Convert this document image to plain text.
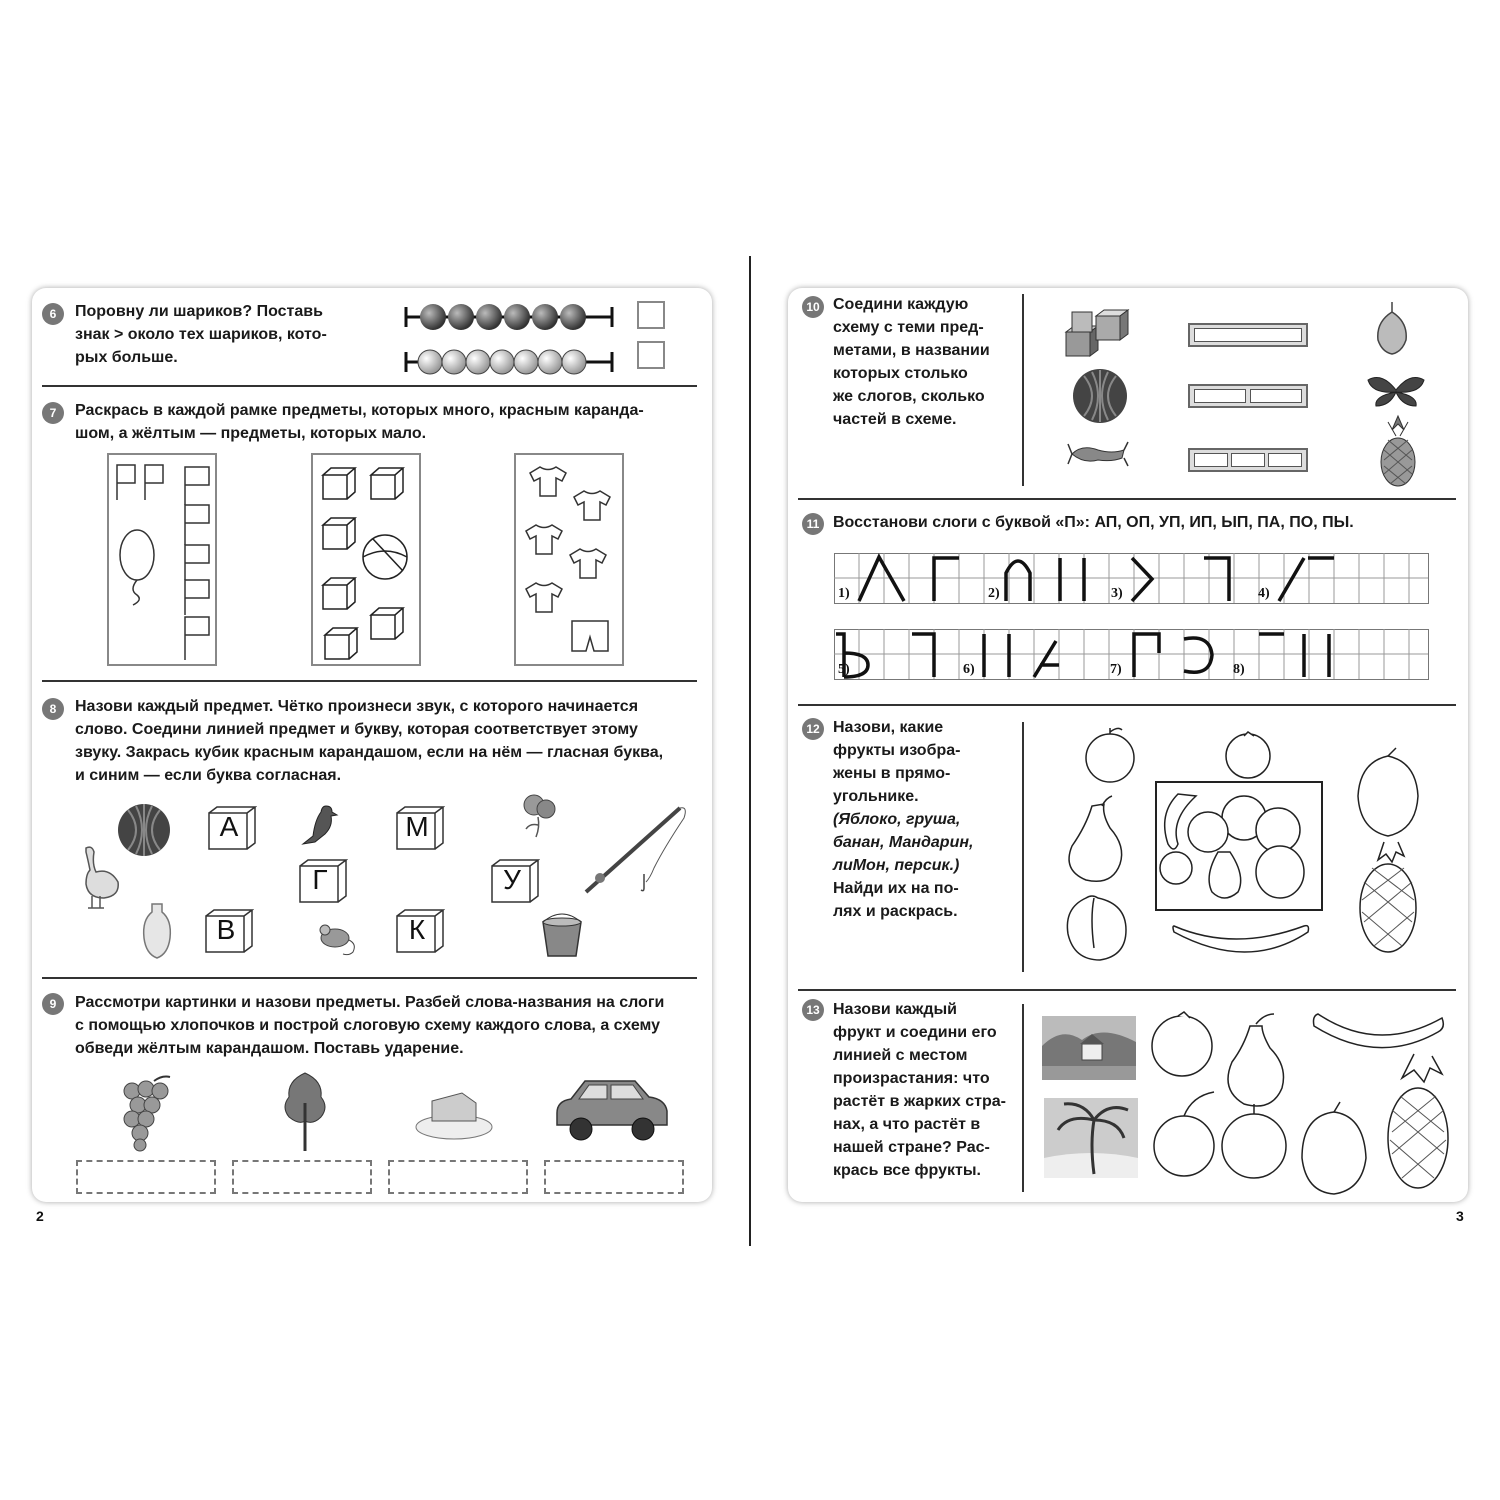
6	Поровну ли шариков? Поставь
знак > около тех шариков, кото-
рых больше.
7	Раскрась в каждой рамке предметы, которых много, красным каранда-
шом, а жёлтым — предметы, которых мало.
8	Назови каждый предмет. Чётко произнеси звук, с которого начинается
слово. Соедини линией предмет и букву, которая соответствует этому
звуку. Закрась кубик красным карандашом, если на нём — гласная буква,
и синим — если буква согласная.
А	М
Г	У
В	К
9	Рассмотри картинки и назови предметы. Разбей слова-названия на слоги
с помощью хлопочков и построй слоговую схему каждого слова, а схему
обведи жёлтым карандашом. Поставь ударение.
2
10 Соедини каждую
схему с теми пред-
метами, в названии
которых столько
же слогов, сколько
частей в схеме.
11 Восстанови слоги с буквой «П»: АП, ОП, УП, ИП, ЫП, ПА, ПО, ПЫ.
1)	2)	3)	4)
5)	6)	7)	8)
12 Назови, какие
фрукты изобра-
жены в прямо-
угольнике.
(Яблоко, груша,
банан, Мандарин,
лиМон, персик.)
Найди их на по-
лях и раскрась.
13 Назови каждый
фрукт и соедини его
линией с местом
произрастания: что
растёт в жарких стра-
нах, а что растёт в
нашей стране? Рас-
крась все фрукты.
3
